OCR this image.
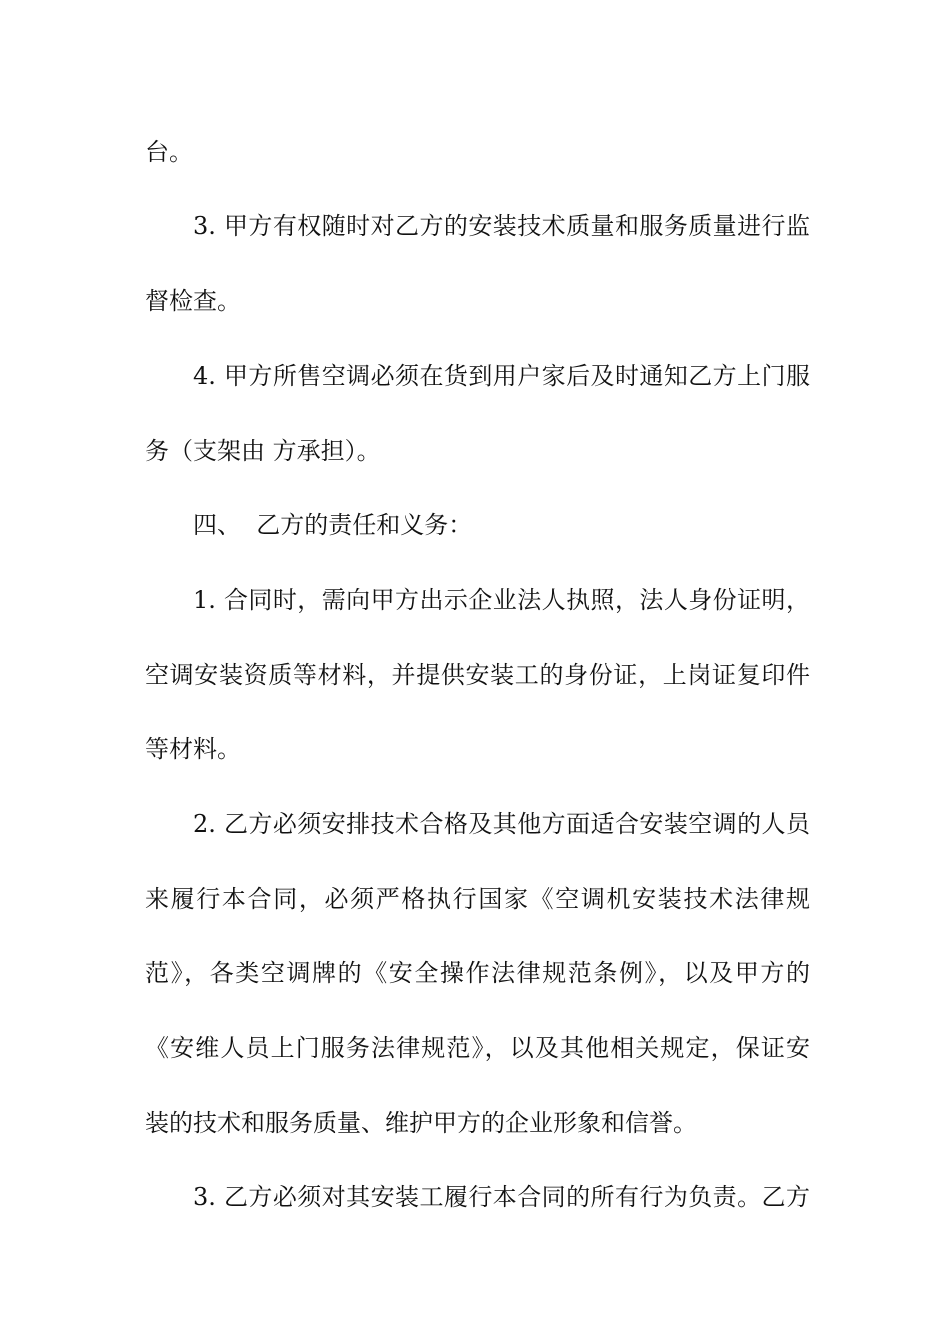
台。
3. 甲方有权随时对乙方的安装技术质量和服务质量进行监
督检查。
4. 甲方所售空调必须在货到用户家后及时通知乙方上门服
务（支架由 方承担）。
四、  乙方的责任和义务：
1. 合同时，需向甲方出示企业法人执照，法人身份证明，
空调安装资质等材料，并提供安装工的身份证，上岗证复印件
等材料。
2. 乙方必须安排技术合格及其他方面适合安装空调的人员
来履行本合同，必须严格执行国家《空调机安装技术法律规
范》，各类空调牌的《安全操作法律规范条例》，以及甲方的
《安维人员上门服务法律规范》，以及其他相关规定，保证安
装的技术和服务质量、维护甲方的企业形象和信誉。
3. 乙方必须对其安装工履行本合同的所有行为负责。乙方
